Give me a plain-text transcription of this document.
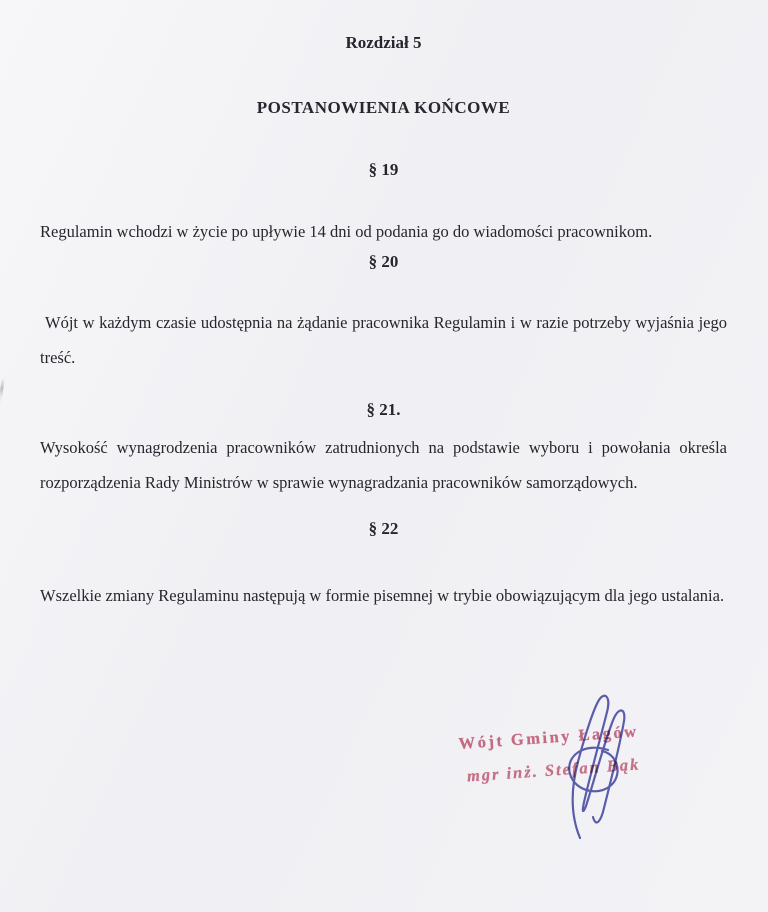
Rozdział 5

POSTANOWIENIA KOŃCOWE

§ 19

Regulamin wchodzi w życie po upływie 14 dni od podania go do wiadomości pracownikom.

§ 20

Wójt w każdym czasie udostępnia na żądanie pracownika Regulamin i w razie potrzeby wyjaśnia jego treść.

§ 21.

Wysokość wynagrodzenia pracowników zatrudnionych na podstawie wyboru i powołania określa rozporządzenia Rady Ministrów w sprawie wynagradzania pracowników samorządowych.

§ 22

Wszelkie zmiany Regulaminu następują w formie pisemnej w trybie obowiązującym dla jego ustalania.

Wójt Gminy Łagów
mgr inż. Stefan Bąk
